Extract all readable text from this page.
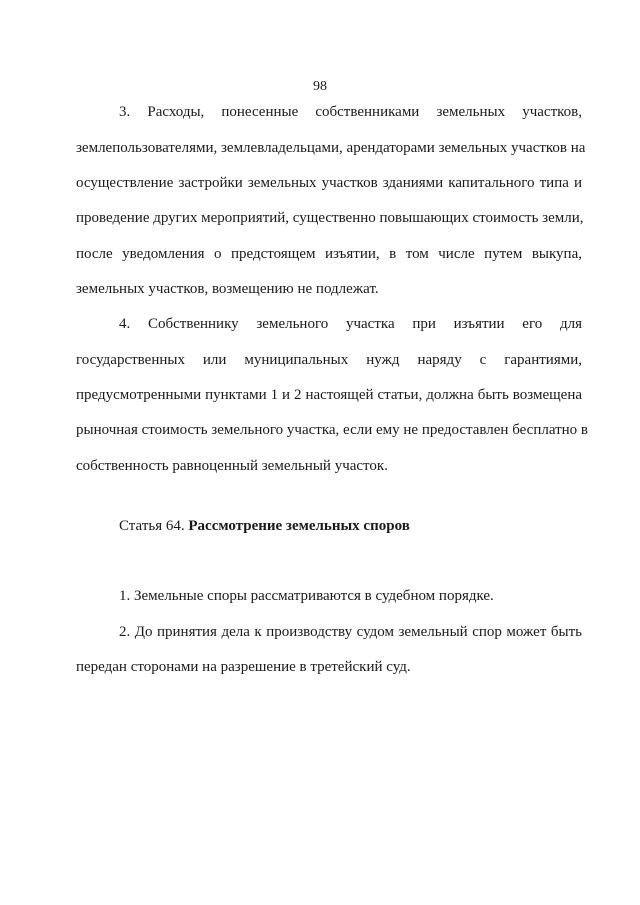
98
3. Расходы, понесенные собственниками земельных участков,
землепользователями, землевладельцами, арендаторами земельных участков на
осуществление застройки земельных участков зданиями капитального типа и
проведение других мероприятий, существенно повышающих стоимость земли,
после уведомления о предстоящем изъятии, в том числе путем выкупа,
земельных участков, возмещению не подлежат.
4. Собственнику земельного участка при изъятии его для
государственных или муниципальных нужд наряду с гарантиями,
предусмотренными пунктами 1 и 2 настоящей статьи, должна быть возмещена
рыночная стоимость земельного участка, если ему не предоставлен бесплатно в
собственность равноценный земельный участок.
Статья 64. Рассмотрение земельных споров
1. Земельные споры рассматриваются в судебном порядке.
2. До принятия дела к производству судом земельный спор может быть
передан сторонами на разрешение в третейский суд.
